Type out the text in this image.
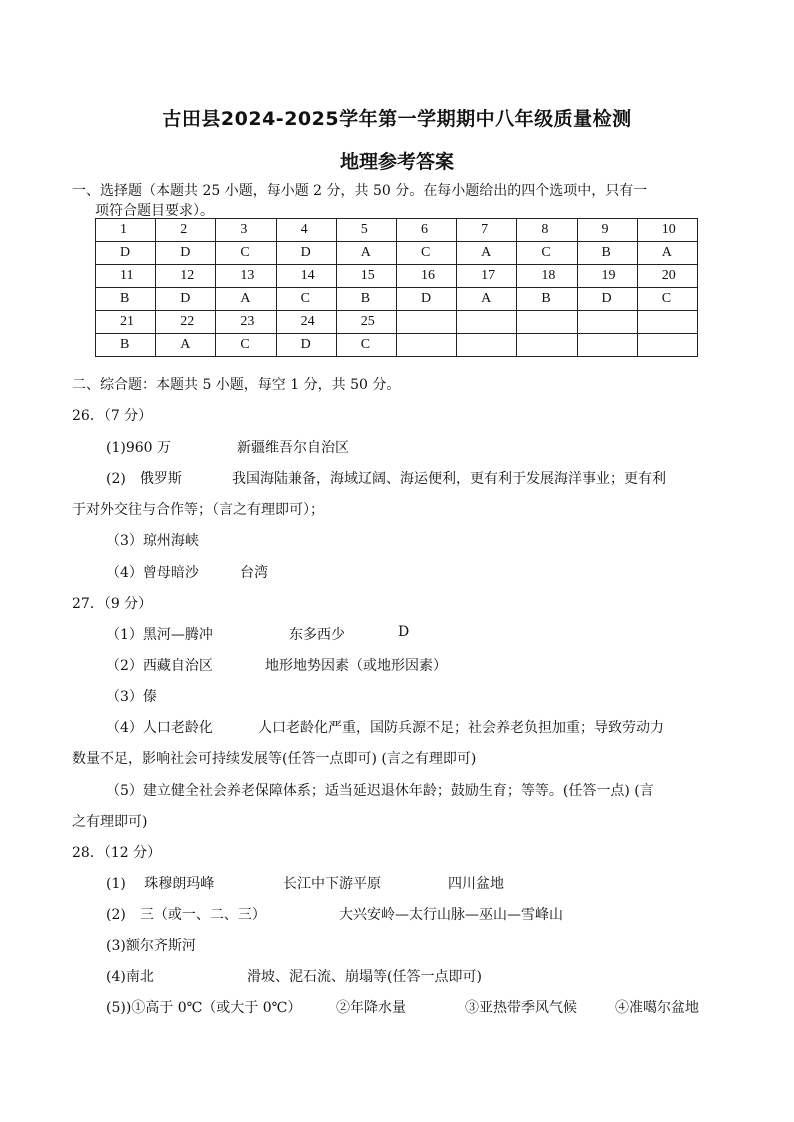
古田县2024-2025学年第一学期期中八年级质量检测
地理参考答案
一、选择题（本题共 25 小题，每小题 2 分，共 50 分。在每小题给出的四个选项中，只有一
项符合题目要求）。
1	2	3	4	5	6	7	8	9	10
D	D	C	D	A	C	A	C	B	A
11	12	13	14	15	16	17	18	19	20
B	D	A	C	B	D	A	B	D	C
21	22	23	24	25					
B	A	C	D	C					
二、综合题：本题共 5 小题，每空 1 分，共 50 分。
26．（7 分）
(1)960 万	新疆维吾尔自治区
(2)　俄罗斯	我国海陆兼备，海域辽阔、海运便利，更有利于发展海洋事业；更有利
于对外交往与合作等；（言之有理即可）；
（3）琼州海峡
（4）曾母暗沙	台湾
27．（9 分）
（1）黑河—腾冲	东多西少	D
（2）西藏自治区	地形地势因素（或地形因素）
（3）傣
（4）人口老龄化	人口老龄化严重，国防兵源不足；社会养老负担加重；导致劳动力
数量不足，影响社会可持续发展等(任答一点即可) (言之有理即可)
（5）建立健全社会养老保障体系；适当延迟退休年龄；鼓励生育；等等。(任答一点) (言
之有理即可)
28．（12 分）
(1)　 珠穆朗玛峰	长江中下游平原	四川盆地
(2)　三（或一、二、三）	大兴安岭—太行山脉—巫山—雪峰山
(3)额尔齐斯河
(4)南北	滑坡、泥石流、崩塌等(任答一点即可)
(5))①高于 0℃（或大于 0℃） ②年降水量	③亚热带季风气候	④准噶尔盆地
